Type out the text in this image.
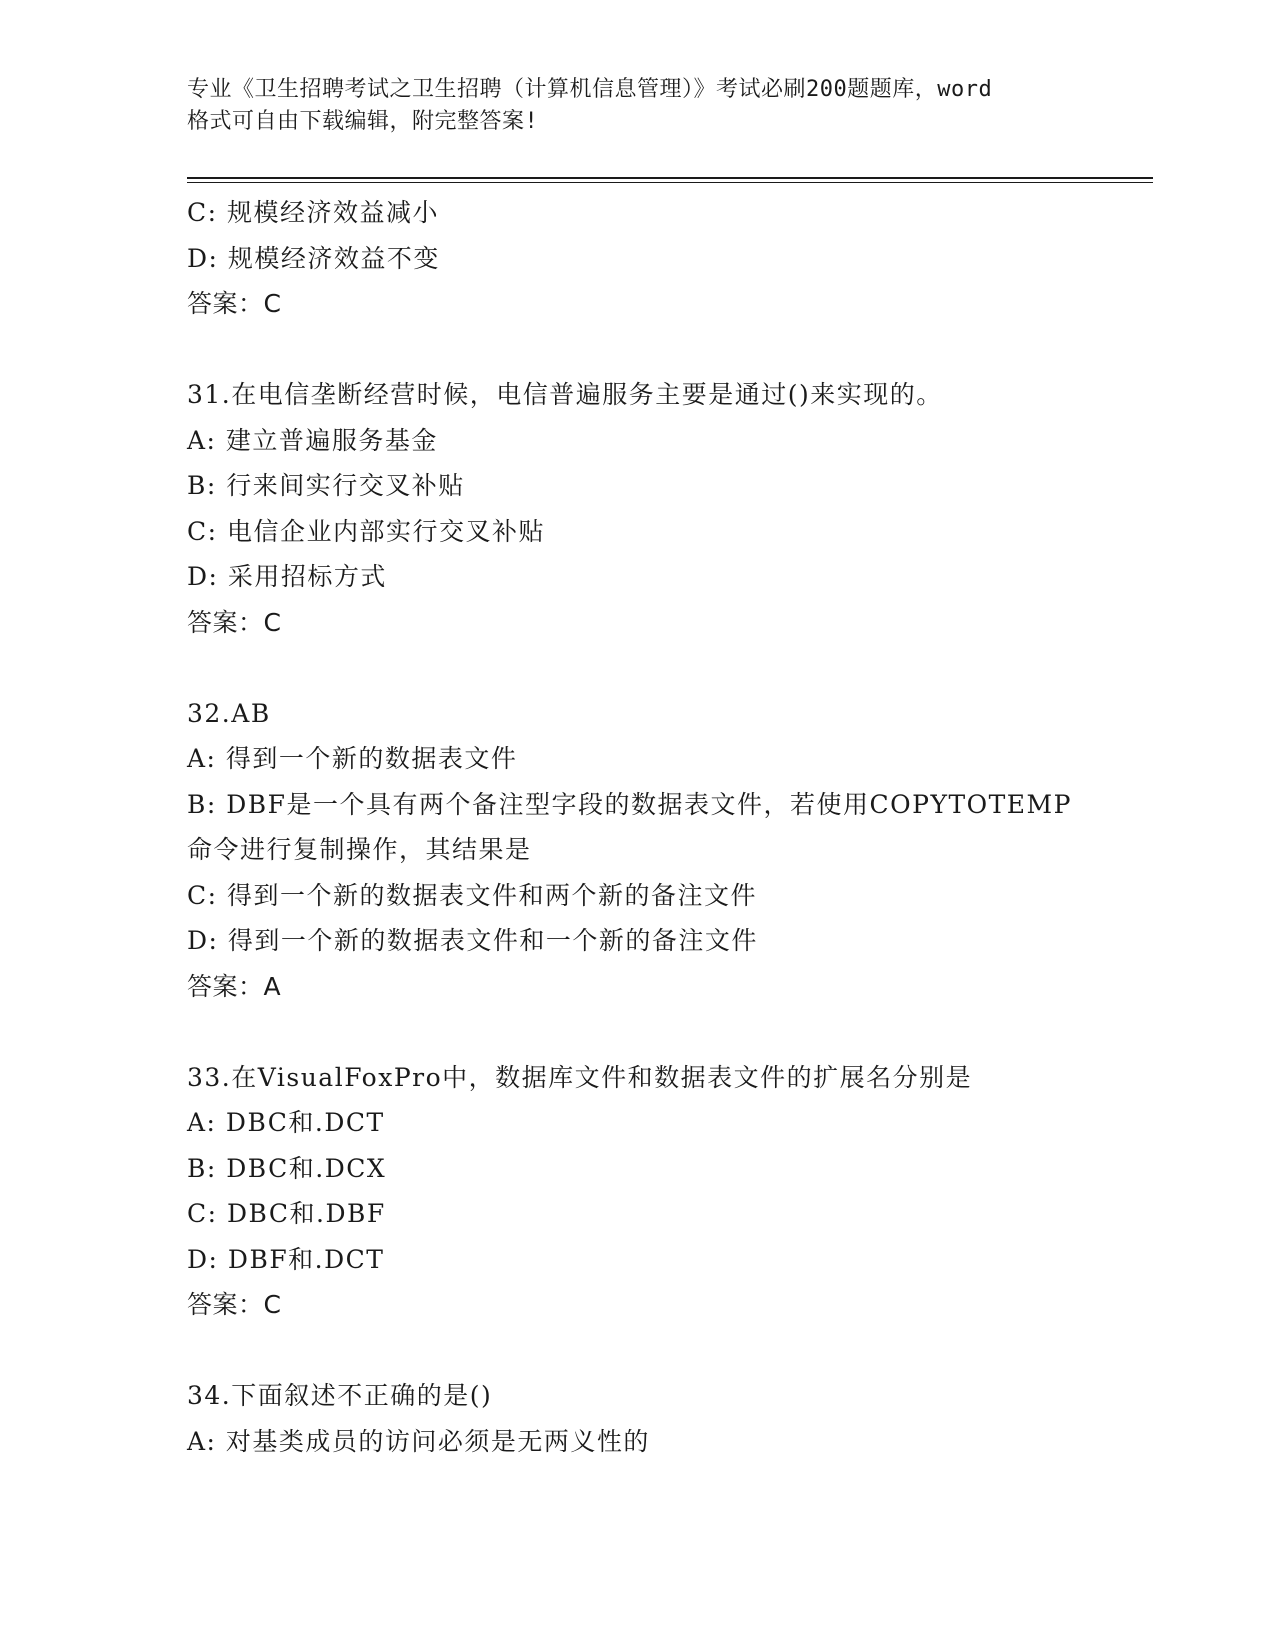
专业《卫生招聘考试之卫生招聘（计算机信息管理）》考试必刷200题题库，word
格式可自由下载编辑，附完整答案!
C: 规模经济效益减小
D: 规模经济效益不变
答案：C
31.在电信垄断经营时候，电信普遍服务主要是通过()来实现的。
A: 建立普遍服务基金
B: 行来间实行交叉补贴
C: 电信企业内部实行交叉补贴
D: 采用招标方式
答案：C
32.AB
A: 得到一个新的数据表文件
B: DBF是一个具有两个备注型字段的数据表文件，若使用COPYTOTEMP
命令进行复制操作，其结果是
C: 得到一个新的数据表文件和两个新的备注文件
D: 得到一个新的数据表文件和一个新的备注文件
答案：A
33.在VisualFoxPro中，数据库文件和数据表文件的扩展名分别是
A: DBC和.DCT
B: DBC和.DCX
C: DBC和.DBF
D: DBF和.DCT
答案：C
34.下面叙述不正确的是()
A: 对基类成员的访问必须是无两义性的
